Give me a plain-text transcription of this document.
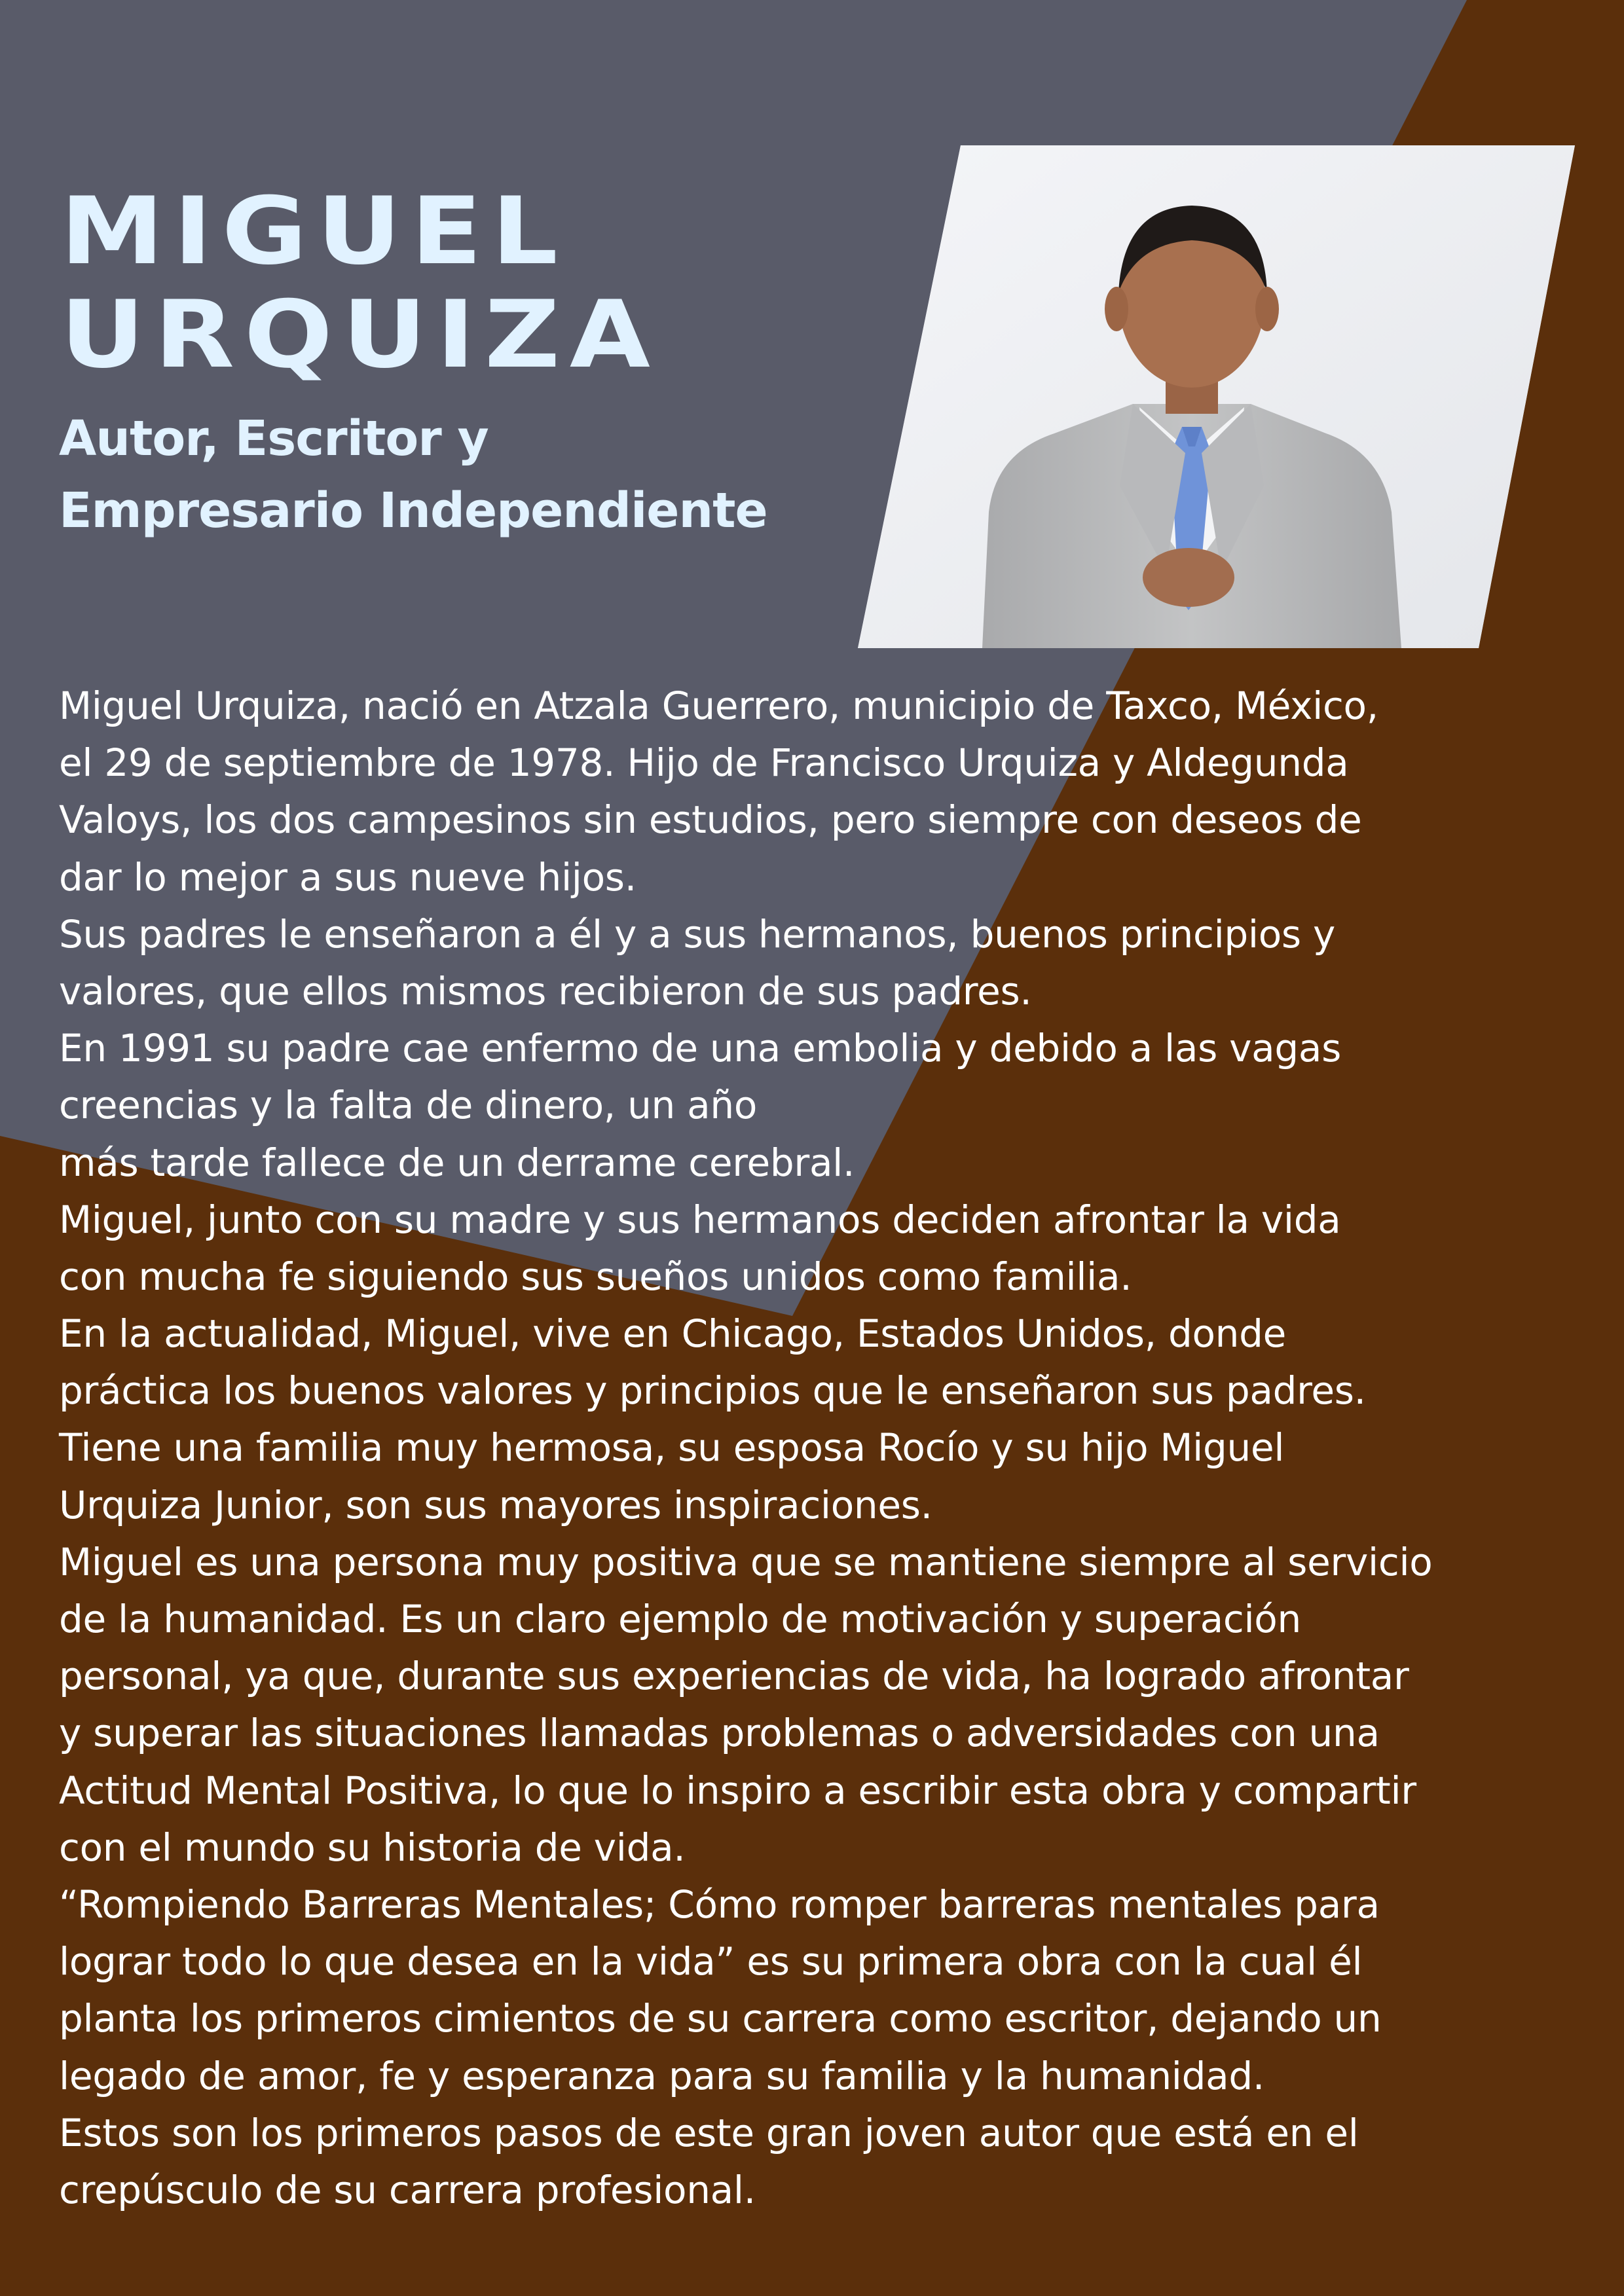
MIGUEL
URQUIZA
Autor, Escritor y
Empresario Independiente
Miguel Urquiza, nació en Atzala Guerrero, municipio de Taxco, México,
el 29 de septiembre de 1978. Hijo de Francisco Urquiza y Aldegunda
Valoys, los dos campesinos sin estudios, pero siempre con deseos de
dar lo mejor a sus nueve hijos.
Sus padres le enseñaron a él y a sus hermanos, buenos principios y
valores, que ellos mismos recibieron de sus padres.
En 1991 su padre cae enfermo de una embolia y debido a las vagas
creencias y la falta de dinero, un año
más tarde fallece de un derrame cerebral.
Miguel, junto con su madre y sus hermanos deciden afrontar la vida
con mucha fe siguiendo sus sueños unidos como familia.
En la actualidad, Miguel, vive en Chicago, Estados Unidos, donde
práctica los buenos valores y principios que le enseñaron sus padres.
Tiene una familia muy hermosa, su esposa Rocío y su hijo Miguel
Urquiza Junior, son sus mayores inspiraciones.
Miguel es una persona muy positiva que se mantiene siempre al servicio
de la humanidad. Es un claro ejemplo de motivación y superación
personal, ya que, durante sus experiencias de vida, ha logrado afrontar
y superar las situaciones llamadas problemas o adversidades con una
Actitud Mental Positiva, lo que lo inspiro a escribir esta obra y compartir
con el mundo su historia de vida.
“Rompiendo Barreras Mentales; Cómo romper barreras mentales para
lograr todo lo que desea en la vida” es su primera obra con la cual él
planta los primeros cimientos de su carrera como escritor, dejando un
legado de amor, fe y esperanza para su familia y la humanidad.
Estos son los primeros pasos de este gran joven autor que está en el
crepúsculo de su carrera profesional.
